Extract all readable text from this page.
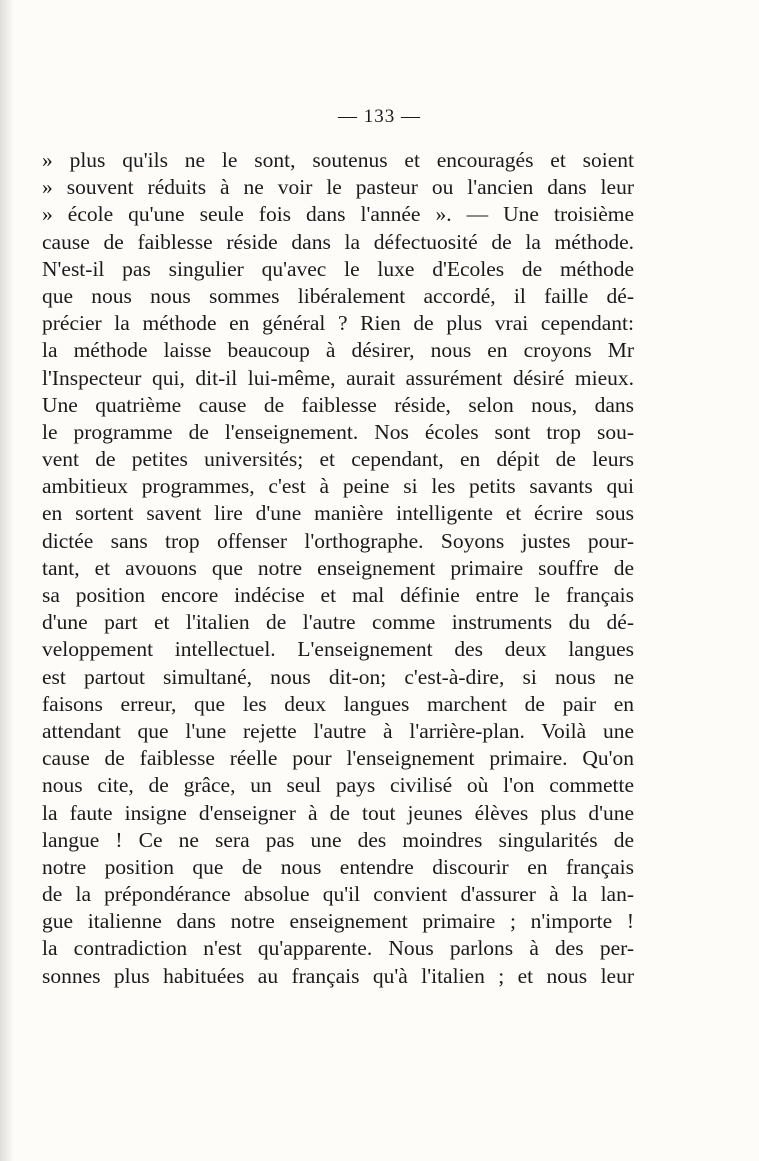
— 133 —
» plus qu'ils ne le sont, soutenus et encouragés et soient
» souvent réduits à ne voir le pasteur ou l'ancien dans leur
» école qu'une seule fois dans l'année ». — Une troisième
cause de faiblesse réside dans la défectuosité de la méthode.
N'est-il pas singulier qu'avec le luxe d'Ecoles de méthode
que nous nous sommes libéralement accordé, il faille dé-
précier la méthode en général ? Rien de plus vrai cependant:
la méthode laisse beaucoup à désirer, nous en croyons Mr
l'Inspecteur qui, dit-il lui-même, aurait assurément désiré mieux.
Une quatrième cause de faiblesse réside, selon nous, dans
le programme de l'enseignement. Nos écoles sont trop sou-
vent de petites universités; et cependant, en dépit de leurs
ambitieux programmes, c'est à peine si les petits savants qui
en sortent savent lire d'une manière intelligente et écrire sous
dictée sans trop offenser l'orthographe. Soyons justes pour-
tant, et avouons que notre enseignement primaire souffre de
sa position encore indécise et mal définie entre le français
d'une part et l'italien de l'autre comme instruments du dé-
veloppement intellectuel. L'enseignement des deux langues
est partout simultané, nous dit-on; c'est-à-dire, si nous ne
faisons erreur, que les deux langues marchent de pair en
attendant que l'une rejette l'autre à l'arrière-plan. Voilà une
cause de faiblesse réelle pour l'enseignement primaire. Qu'on
nous cite, de grâce, un seul pays civilisé où l'on commette
la faute insigne d'enseigner à de tout jeunes élèves plus d'une
langue ! Ce ne sera pas une des moindres singularités de
notre position que de nous entendre discourir en français
de la prépondérance absolue qu'il convient d'assurer à la lan-
gue italienne dans notre enseignement primaire ; n'importe !
la contradiction n'est qu'apparente. Nous parlons à des per-
sonnes plus habituées au français qu'à l'italien ; et nous leur
